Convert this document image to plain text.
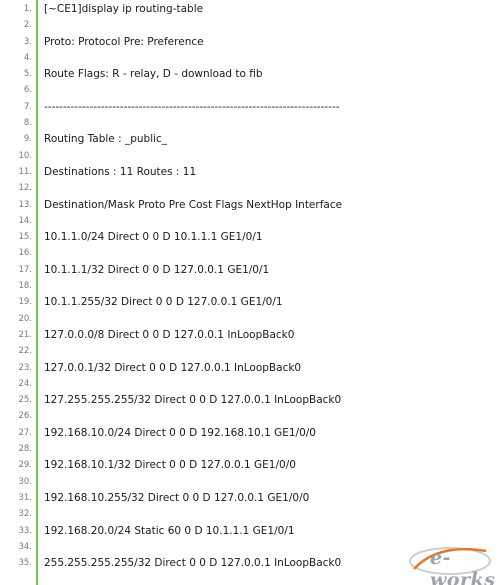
1. [~CE1]display ip routing-table
2.
3. Proto: Protocol Pre: Preference
4.
5. Route Flags: R - relay, D - download to fib
6.
7. ------------------------------------------------------------------------------
8.
9. Routing Table : _public_
10.
11. Destinations : 11 Routes : 11
12.
13. Destination/Mask Proto Pre Cost Flags NextHop Interface
14.
15. 10.1.1.0/24 Direct 0 0 D 10.1.1.1 GE1/0/1
16.
17. 10.1.1.1/32 Direct 0 0 D 127.0.0.1 GE1/0/1
18.
19. 10.1.1.255/32 Direct 0 0 D 127.0.0.1 GE1/0/1
20.
21. 127.0.0.0/8 Direct 0 0 D 127.0.0.1 InLoopBack0
22.
23. 127.0.0.1/32 Direct 0 0 D 127.0.0.1 InLoopBack0
24.
25. 127.255.255.255/32 Direct 0 0 D 127.0.0.1 InLoopBack0
26.
27. 192.168.10.0/24 Direct 0 0 D 192.168.10.1 GE1/0/0
28.
29. 192.168.10.1/32 Direct 0 0 D 127.0.0.1 GE1/0/0
30.
31. 192.168.10.255/32 Direct 0 0 D 127.0.0.1 GE1/0/0
32.
33. 192.168.20.0/24 Static 60 0 D 10.1.1.1 GE1/0/1
34.
35. 255.255.255.255/32 Direct 0 0 D 127.0.0.1 InLoopBack0	e-works
